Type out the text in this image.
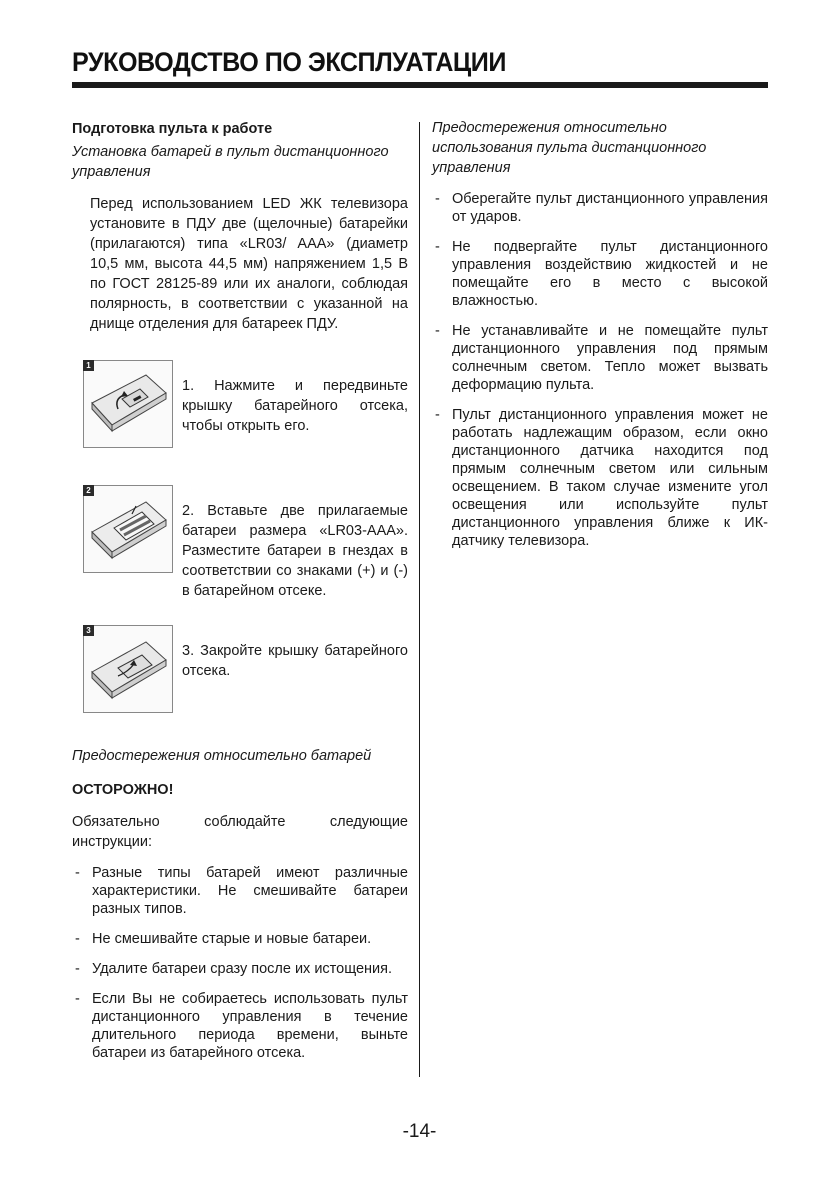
РУКОВОДСТВО ПО ЭКСПЛУАТАЦИИ
Подготовка пульта к работе
Установка батарей в пульт дистанционного управления
Перед использованием LED ЖК телевизора установите в ПДУ две (щелочные) батарейки (прилагаются) типа «LR03/ AAA» (диаметр 10,5 мм, высота 44,5 мм) напряжением 1,5 В по ГОСТ 28125-89 или их аналоги, соблюдая полярность, в соответствии с указанной на днище отделения для батареек ПДУ.
1
1. Нажмите и передвиньте крышку батарейного отсека, чтобы открыть его.
2
2. Вставьте две прилагаемые батареи размера «LR03-AAA». Разместите батареи в гнездах в соответствии со знаками (+) и (-) в батарейном отсеке.
3
3. Закройте крышку батарейного отсека.
Предостережения относительно батарей
ОСТОРОЖНО!
Обязательно соблюдайте следующие инструкции:
- Разные типы батарей имеют различные характеристики. Не смешивайте батареи разных типов.
- Не смешивайте старые и новые батареи.
- Удалите батареи сразу после их истощения.
- Если Вы не собираетесь использовать пульт дистанционного управления в течение длительного периода времени, выньте батареи из батарейного отсека.
Предостережения относительно использования пульта дистанционного управления
- Оберегайте пульт дистанционного управления от ударов.
- Не подвергайте пульт дистанционного управления воздействию жидкостей и не помещайте его в место с высокой влажностью.
- Не устанавливайте и не помещайте пульт дистанционного управления под прямым солнечным светом. Тепло может вызвать деформацию пульта.
- Пульт дистанционного управления может не работать надлежащим образом, если окно дистанционного датчика находится под прямым солнечным светом или сильным освещением. В таком случае измените угол освещения или используйте пульт дистанционного управления ближе к ИК- датчику телевизора.
-14-
